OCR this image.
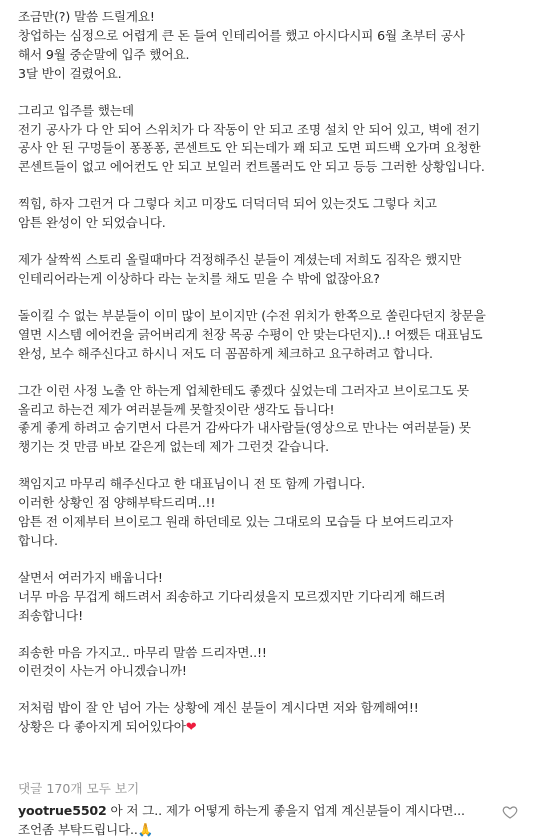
조금만(?) 말씀 드릴게요!
창업하는 심정으로 어렵게 큰 돈 들여 인테리어를 했고 아시다시피 6월 초부터 공사
해서 9월 중순말에 입주 했어요.
3달 반이 걸렸어요.
그리고 입주를 했는데
전기 공사가 다 안 되어 스위치가 다 작동이 안 되고 조명 설치 안 되어 있고, 벽에 전기
공사 안 된 구멍들이 퐁퐁퐁, 콘센트도 안 되는데가 꽤 되고 도면 피드백 오가며 요청한
콘센트들이 없고 에어컨도 안 되고 보일러 컨트롤러도 안 되고 등등 그러한 상황입니다.
찍힘, 하자 그런거 다 그렇다 치고 미장도 더덕더덕 되어 있는것도 그렇다 치고
암튼 완성이 안 되었습니다.
제가 살짝씩 스토리 올릴때마다 걱정해주신 분들이 계셨는데 저희도 짐작은 했지만
인테리어라는게 이상하다 라는 눈치를 채도 믿을 수 밖에 없잖아요?
돌이킬 수 없는 부분들이 이미 많이 보이지만 (수전 위치가 한쪽으로 쏠린다던지 창문을
열면 시스템 에어컨을 긁어버리게 천장 목공 수평이 안 맞는다던지)..! 어쨌든 대표님도
완성, 보수 해주신다고 하시니 저도 더 꼼꼼하게 체크하고 요구하려고 합니다.
그간 이런 사정 노출 안 하는게 업체한테도 좋겠다 싶었는데 그러자고 브이로그도 못
올리고 하는건 제가 여러분들께 못할짓이란 생각도 듭니다!
좋게 좋게 하려고 숨기면서 다른거 감싸다가 내사람들(영상으로 만나는 여러분들) 못
챙기는 것 만큼 바보 같은게 없는데 제가 그런것 같습니다.
책임지고 마무리 해주신다고 한 대표님이니 전 또 함께 가렵니다.
이러한 상황인 점 양해부탁드리며..!!
암튼 전 이제부터 브이로그 원래 하던데로 있는 그대로의 모습들 다 보여드리고자
합니다.
살면서 여러가지 배웁니다!
너무 마음 무겁게 해드려서 죄송하고 기다리셨을지 모르겠지만 기다리게 해드려
죄송합니다!
죄송한 마음 가지고.. 마무리 말씀 드리자면..!!
이런것이 사는거 아니겠습니까!
저처럼 밥이 잘 안 넘어 가는 상황에 계신 분들이 계시다면 저와 함께해여!!
상황은 다 좋아지게 되어있다아❤
댓글 170개 모두 보기
yootrue5502 아 저 그.. 제가 어떻게 하는게 좋을지 업계 계신분들이 계시다면...
조언좀 부탁드립니다..🙏
